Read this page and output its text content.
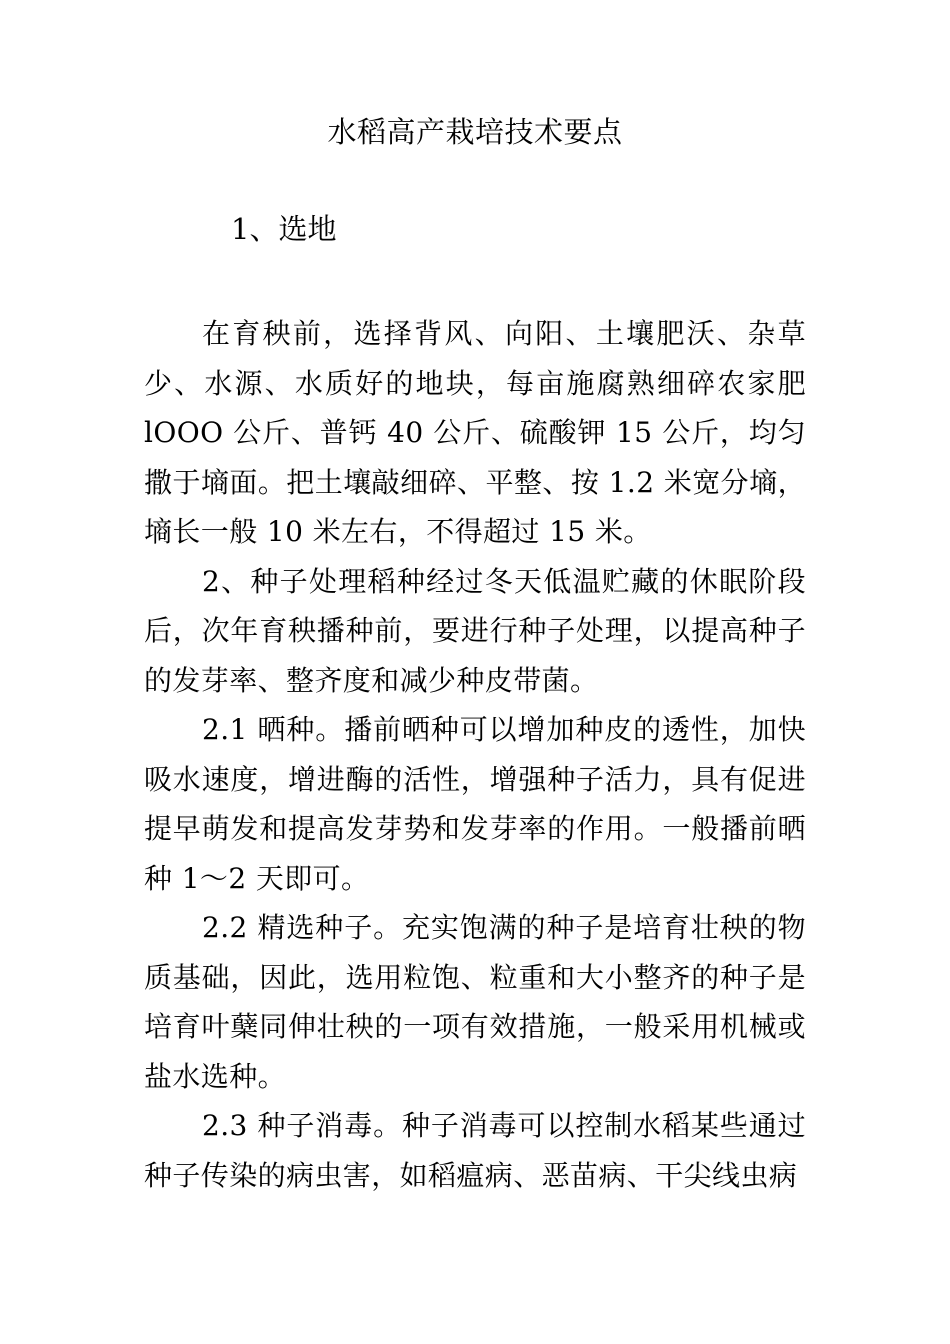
水稻高产栽培技术要点
1、选地

在育秧前，选择背风、向阳、土壤肥沃、杂草少、水源、水质好的地块，每亩施腐熟细碎农家肥 lOOO 公斤、普钙 40 公斤、硫酸钾 15 公斤，均匀撒于墒面。把土壤敲细碎、平整、按 1.2 米宽分墒，墒长一般 10 米左右，不得超过 15 米。

2、种子处理稻种经过冬天低温贮藏的休眠阶段后，次年育秧播种前，要进行种子处理，以提高种子的发芽率、整齐度和减少种皮带菌。

2.1 晒种。播前晒种可以增加种皮的透性，加快吸水速度，增进酶的活性，增强种子活力，具有促进提早萌发和提高发芽势和发芽率的作用。一般播前晒种 1～2 天即可。

2.2 精选种子。充实饱满的种子是培育壮秧的物质基础，因此，选用粒饱、粒重和大小整齐的种子是培育叶蘖同伸壮秧的一项有效措施，一般采用机械或盐水选种。

2.3 种子消毒。种子消毒可以控制水稻某些通过种子传染的病虫害，如稻瘟病、恶苗病、干尖线虫病
